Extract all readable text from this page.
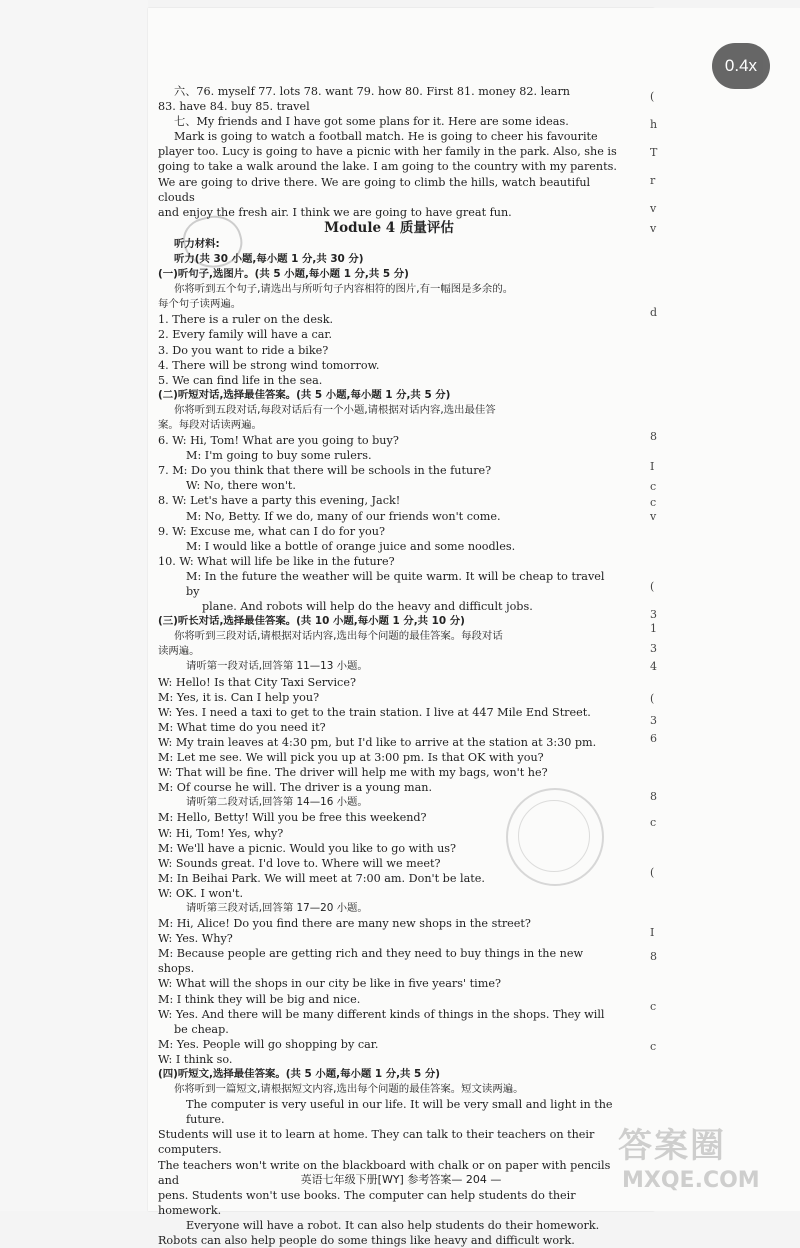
(
h
T
r
v
v
d
8
I
c
c
v
(
3
1
3
4
(
3
6
8
c
(
I
8
c
c

六、76. myself 77. lots 78. want 79. how 80. First 81. money 82. learn

83. have 84. buy 85. travel

七、My friends and I have got some plans for it. Here are some ideas.

Mark is going to watch a football match. He is going to cheer his favourite

player too. Lucy is going to have a picnic with her family in the park. Also, she is

going to take a walk around the lake. I am going to the country with my parents.

We are going to drive there. We are going to climb the hills, watch beautiful clouds

and enjoy the fresh air. I think we are going to have great fun.

Module 4 质量评估

听力材料:

听力(共 30 小题,每小题 1 分,共 30 分)

(一)听句子,选图片。(共 5 小题,每小题 1 分,共 5 分)

你将听到五个句子,请选出与所听句子内容相符的图片,有一幅图是多余的。

每个句子读两遍。

1. There is a ruler on the desk.

2. Every family will have a car.

3. Do you want to ride a bike?

4. There will be strong wind tomorrow.

5. We can find life in the sea.

(二)听短对话,选择最佳答案。(共 5 小题,每小题 1 分,共 5 分)

你将听到五段对话,每段对话后有一个小题,请根据对话内容,选出最佳答

案。每段对话读两遍。

6. W: Hi, Tom! What are you going to buy?

M: I'm going to buy some rulers.

7. M: Do you think that there will be schools in the future?

W: No, there won't.

8. W: Let's have a party this evening, Jack!

M: No, Betty. If we do, many of our friends won't come.

9. W: Excuse me, what can I do for you?

M: I would like a bottle of orange juice and some noodles.

10. W: What will life be like in the future?

M: In the future the weather will be quite warm. It will be cheap to travel by

plane. And robots will help do the heavy and difficult jobs.

(三)听长对话,选择最佳答案。(共 10 小题,每小题 1 分,共 10 分)

你将听到三段对话,请根据对话内容,选出每个问题的最佳答案。每段对话

读两遍。

请听第一段对话,回答第 11—13 小题。

W: Hello! Is that City Taxi Service?

M: Yes, it is. Can I help you?

W: Yes. I need a taxi to get to the train station. I live at 447 Mile End Street.

M: What time do you need it?

W: My train leaves at 4:30 pm, but I'd like to arrive at the station at 3:30 pm.

M: Let me see. We will pick you up at 3:00 pm. Is that OK with you?

W: That will be fine. The driver will help me with my bags, won't he?

M: Of course he will. The driver is a young man.

请听第二段对话,回答第 14—16 小题。

M: Hello, Betty! Will you be free this weekend?

W: Hi, Tom! Yes, why?

M: We'll have a picnic. Would you like to go with us?

W: Sounds great. I'd love to. Where will we meet?

M: In Beihai Park. We will meet at 7:00 am. Don't be late.

W: OK. I won't.

请听第三段对话,回答第 17—20 小题。

M: Hi, Alice! Do you find there are many new shops in the street?

W: Yes. Why?

M: Because people are getting rich and they need to buy things in the new shops.

W: What will the shops in our city be like in five years' time?

M: I think they will be big and nice.

W: Yes. And there will be many different kinds of things in the shops. They will

be cheap.

M: Yes. People will go shopping by car.

W: I think so.

(四)听短文,选择最佳答案。(共 5 小题,每小题 1 分,共 5 分)

你将听到一篇短文,请根据短文内容,选出每个问题的最佳答案。短文读两遍。

The computer is very useful in our life. It will be very small and light in the future.

Students will use it to learn at home. They can talk to their teachers on their computers.

The teachers won't write on the blackboard with chalk or on paper with pencils and

pens. Students won't use books. The computer can help students do their homework.

Everyone will have a robot. It can also help students do their homework.

Robots can also help people do some things like heavy and difficult work.

英语七年级下册[WY] 参考答案— 204 —
答案圈
MXQE.COM
0.4x
